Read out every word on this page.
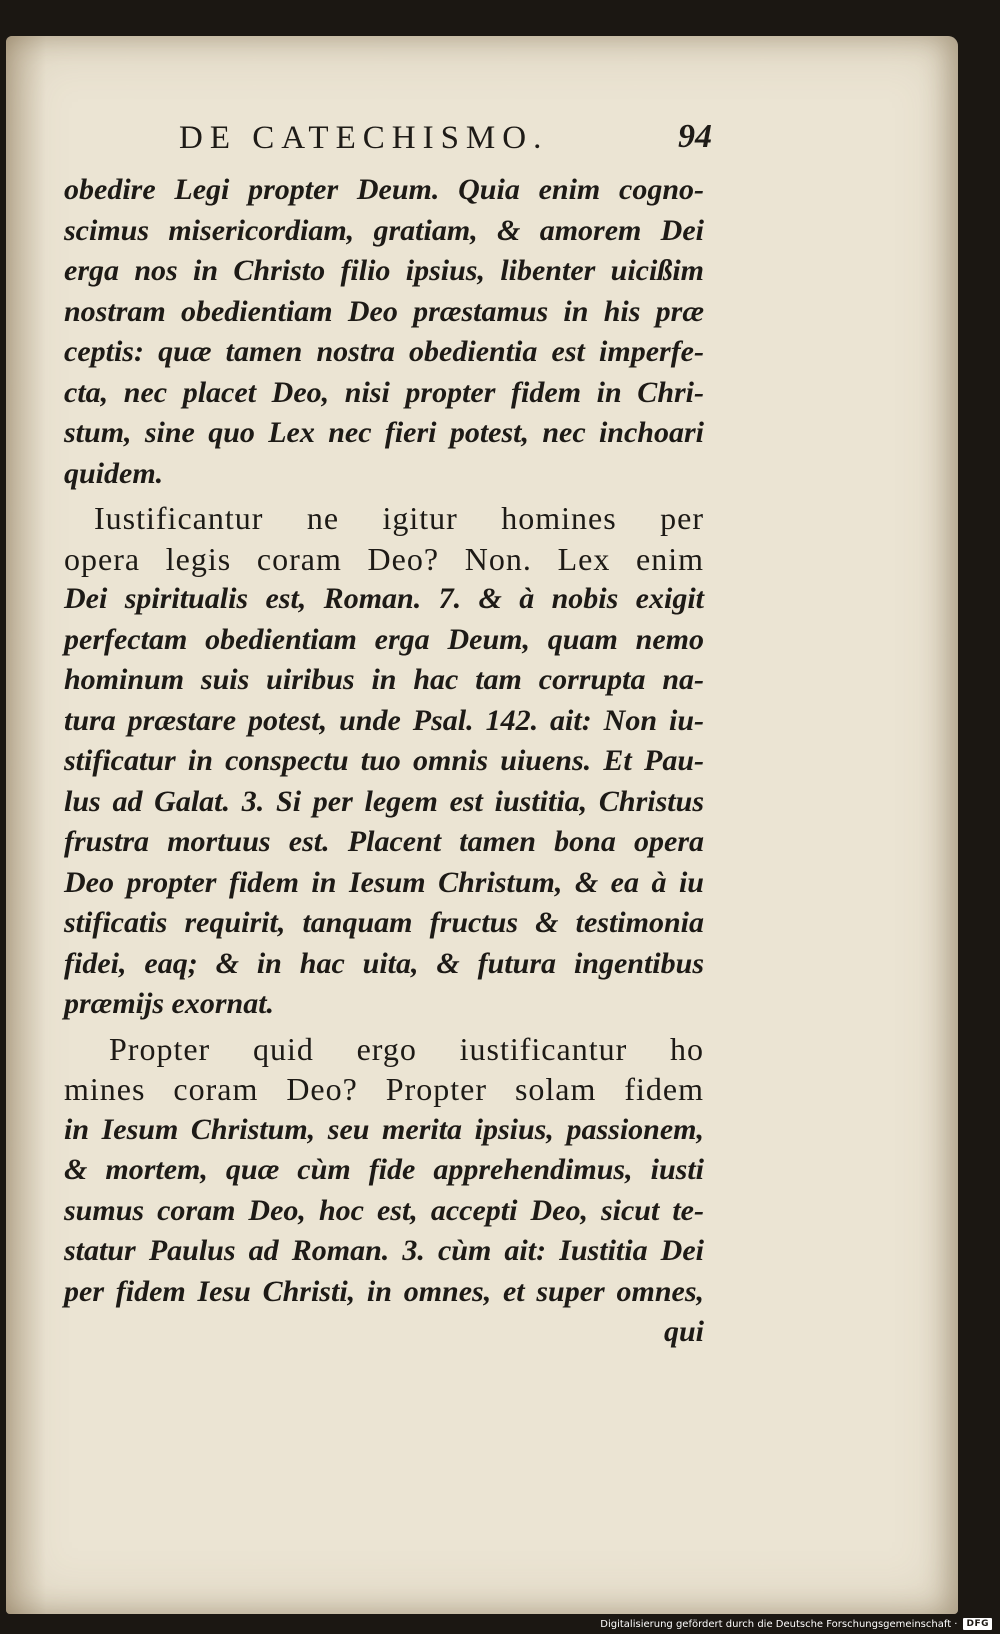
DE CATECHISMO.	94
obedire Legi propter Deum. Quia enim cogno-
scimus misericordiam, gratiam, & amorem Dei
erga nos in Christo filio ipsius, libenter uicißim
nostram obedientiam Deo præstamus in his præ
ceptis: quæ tamen nostra obedientia est imperfe-
cta, nec placet Deo, nisi propter fidem in Chri-
stum, sine quo Lex nec fieri potest, nec inchoari
quidem.
Iustificantur ne igitur homines per
opera legis coram Deo? Non. Lex enim
Dei spiritualis est, Roman. 7. & à nobis exigit
perfectam obedientiam erga Deum, quam nemo
hominum suis uiribus in hac tam corrupta na-
tura præstare potest, unde Psal. 142. ait: Non iu-
stificatur in conspectu tuo omnis uiuens. Et Pau-
lus ad Galat. 3. Si per legem est iustitia, Christus
frustra mortuus est. Placent tamen bona opera
Deo propter fidem in Iesum Christum, & ea à iu
stificatis requirit, tanquam fructus & testimonia
fidei, eaq; & in hac uita, & futura ingentibus
præmijs exornat.
Propter quid ergo iustificantur ho
mines coram Deo? Propter solam fidem
in Iesum Christum, seu merita ipsius, passionem,
& mortem, quæ cùm fide apprehendimus, iusti
sumus coram Deo, hoc est, accepti Deo, sicut te-
statur Paulus ad Roman. 3. cùm ait: Iustitia Dei
per fidem Iesu Christi, in omnes, et super omnes,
qui
Digitalisierung gefördert durch die Deutsche Forschungsgemeinschaft ·	DFG
